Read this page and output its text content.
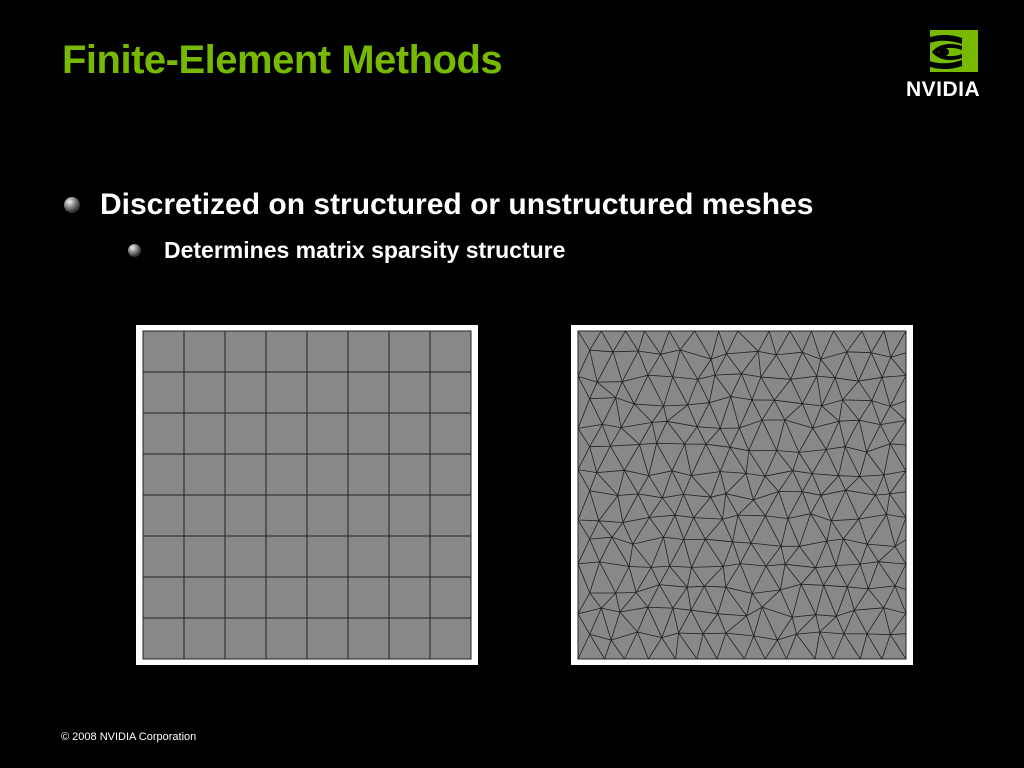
Finite-Element Methods
NVIDIA
Discretized on structured or unstructured meshes
Determines matrix sparsity structure
© 2008 NVIDIA Corporation
